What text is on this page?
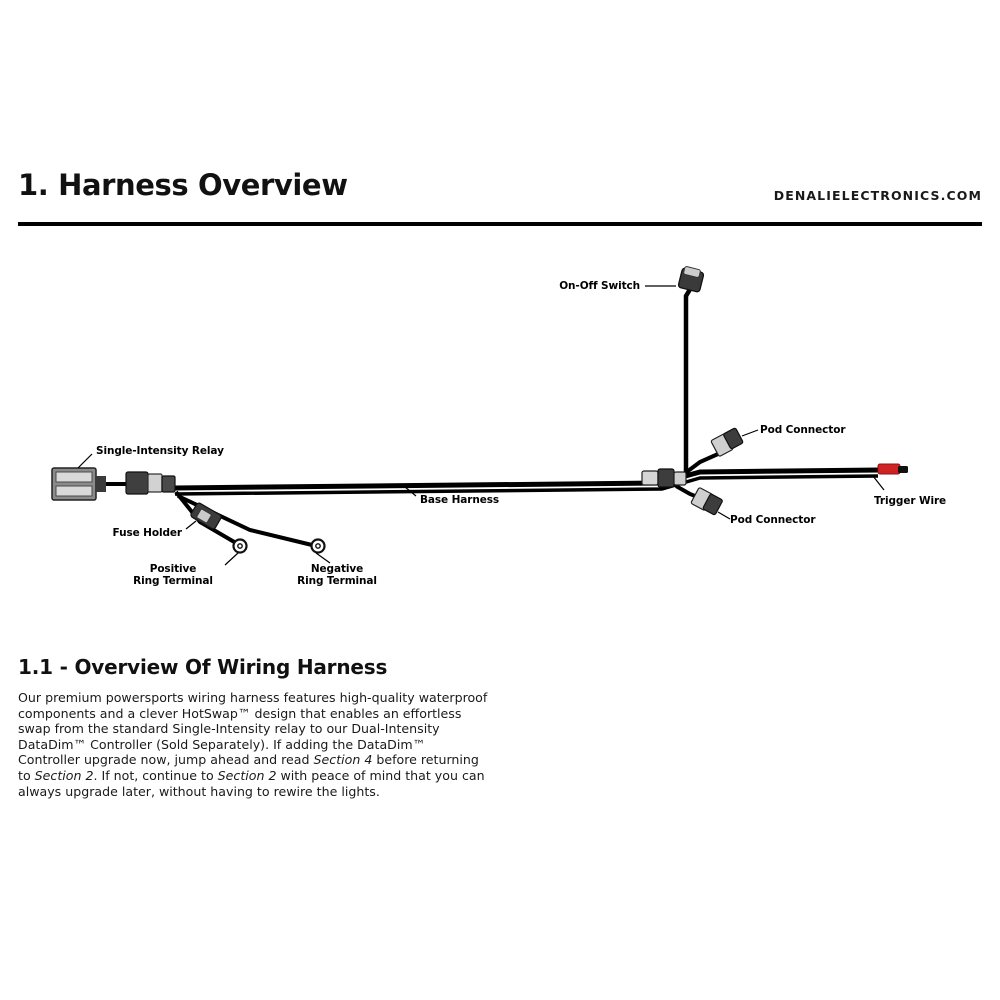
1. Harness Overview	DENALIELECTRONICS.COM
On-Off Switch
Single-Intensity Relay
Fuse Holder
Positive
Ring Terminal
Negative
Ring Terminal
Base Harness
Pod Connector
Pod Connector
Trigger Wire
1.1 - Overview Of Wiring Harness
Our premium powersports wiring harness features high-quality waterproof components and a clever HotSwap™ design that enables an effortless swap from the standard Single-Intensity relay to our Dual-Intensity DataDim™ Controller (Sold Separately). If adding the DataDim™ Controller upgrade now, jump ahead and read Section 4 before returning to Section 2. If not, continue to Section 2 with peace of mind that you can always upgrade later, without having to rewire the lights.
